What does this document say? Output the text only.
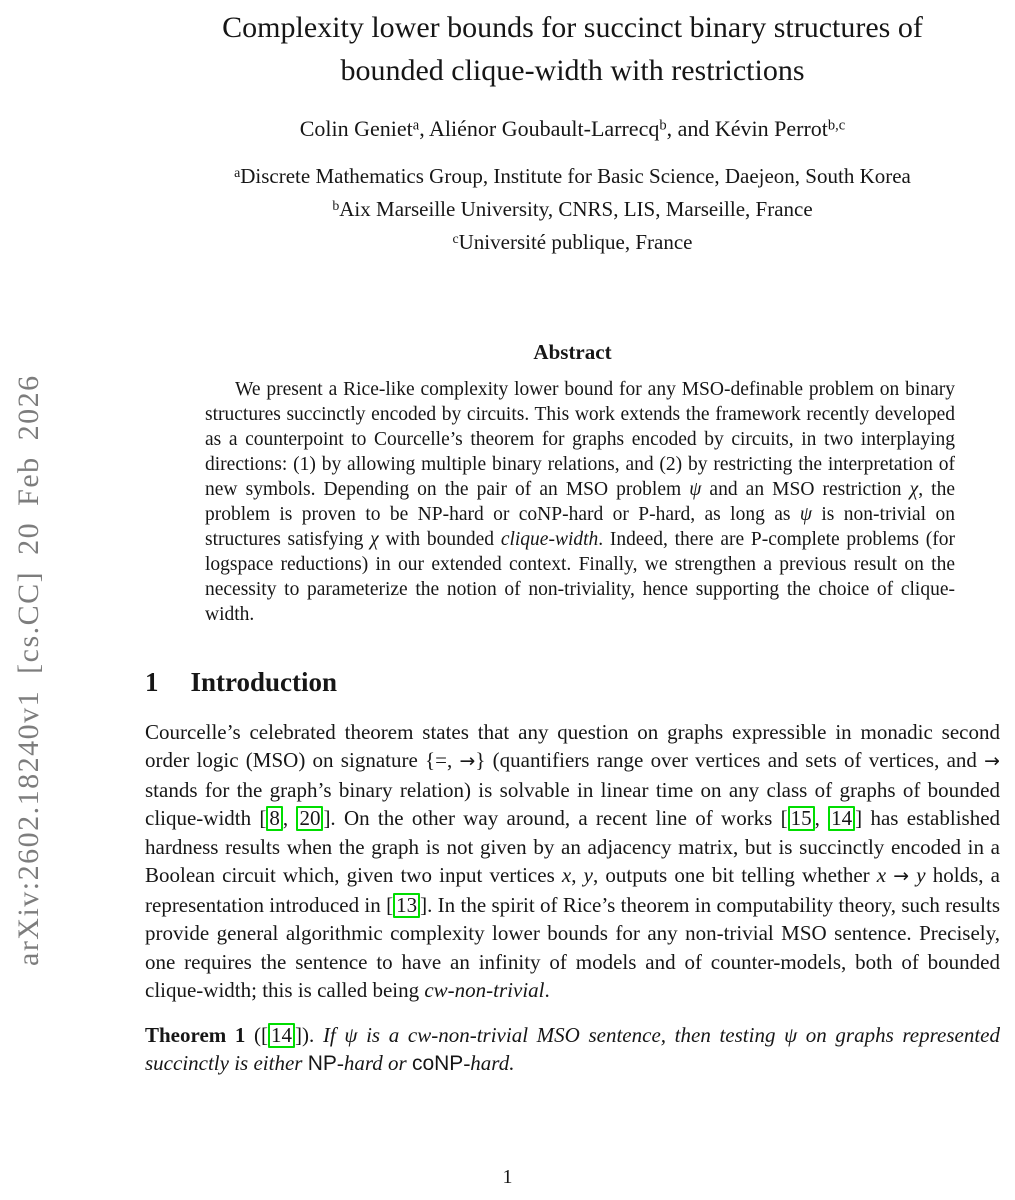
arXiv:2602.18240v1 [cs.CC] 20 Feb 2026
Complexity lower bounds for succinct binary structures of
bounded clique-width with restrictions
Colin Geniet$^a$, Aliénor Goubault-Larrecq$^b$, and Kévin Perrot$^{b,c}$
$^a$Discrete Mathematics Group, Institute for Basic Science, Daejeon, South Korea
$^b$Aix Marseille University, CNRS, LIS, Marseille, France
$^c$Université publique, France
Abstract

We present a Rice-like complexity lower bound for any MSO-definable problem on binary structures succinctly encoded by circuits. This work extends the framework recently developed as a counterpoint to Courcelle’s theorem for graphs encoded by circuits, in two interplaying directions: (1) by allowing multiple binary relations, and (2) by restricting the interpretation of new symbols. Depending on the pair of an MSO problem ψ and an MSO restriction χ, the problem is proven to be NP-hard or coNP-hard or P-hard, as long as ψ is non-trivial on structures satisfying χ with bounded clique-width. Indeed, there are P-complete problems (for logspace reductions) in our extended context. Finally, we strengthen a previous result on the necessity to parameterize the notion of non-triviality, hence supporting the choice of clique-width.

1 Introduction

Courcelle’s celebrated theorem states that any question on graphs expressible in monadic second order logic (MSO) on signature {=, →} (quantifiers range over vertices and sets of vertices, and → stands for the graph’s binary relation) is solvable in linear time on any class of graphs of bounded clique-width [ 8 , 20 ]. On the other way around, a recent line of works [ 15 , 14 ] has established hardness results when the graph is not given by an adjacency matrix, but is succinctly encoded in a Boolean circuit which, given two input vertices x, y, outputs one bit telling whether x → y holds, a representation introduced in [ 13 ]. In the spirit of Rice’s theorem in computability theory, such results provide general algorithmic complexity lower bounds for any non-trivial MSO sentence. Precisely, one requires the sentence to have an infinity of models and of counter-models, both of bounded clique-width; this is called being cw-non-trivial.

Theorem 1 ([ 14 ]). If ψ is a cw-non-trivial MSO sentence, then testing ψ on graphs represented succinctly is either NP-hard or coNP-hard.

1
